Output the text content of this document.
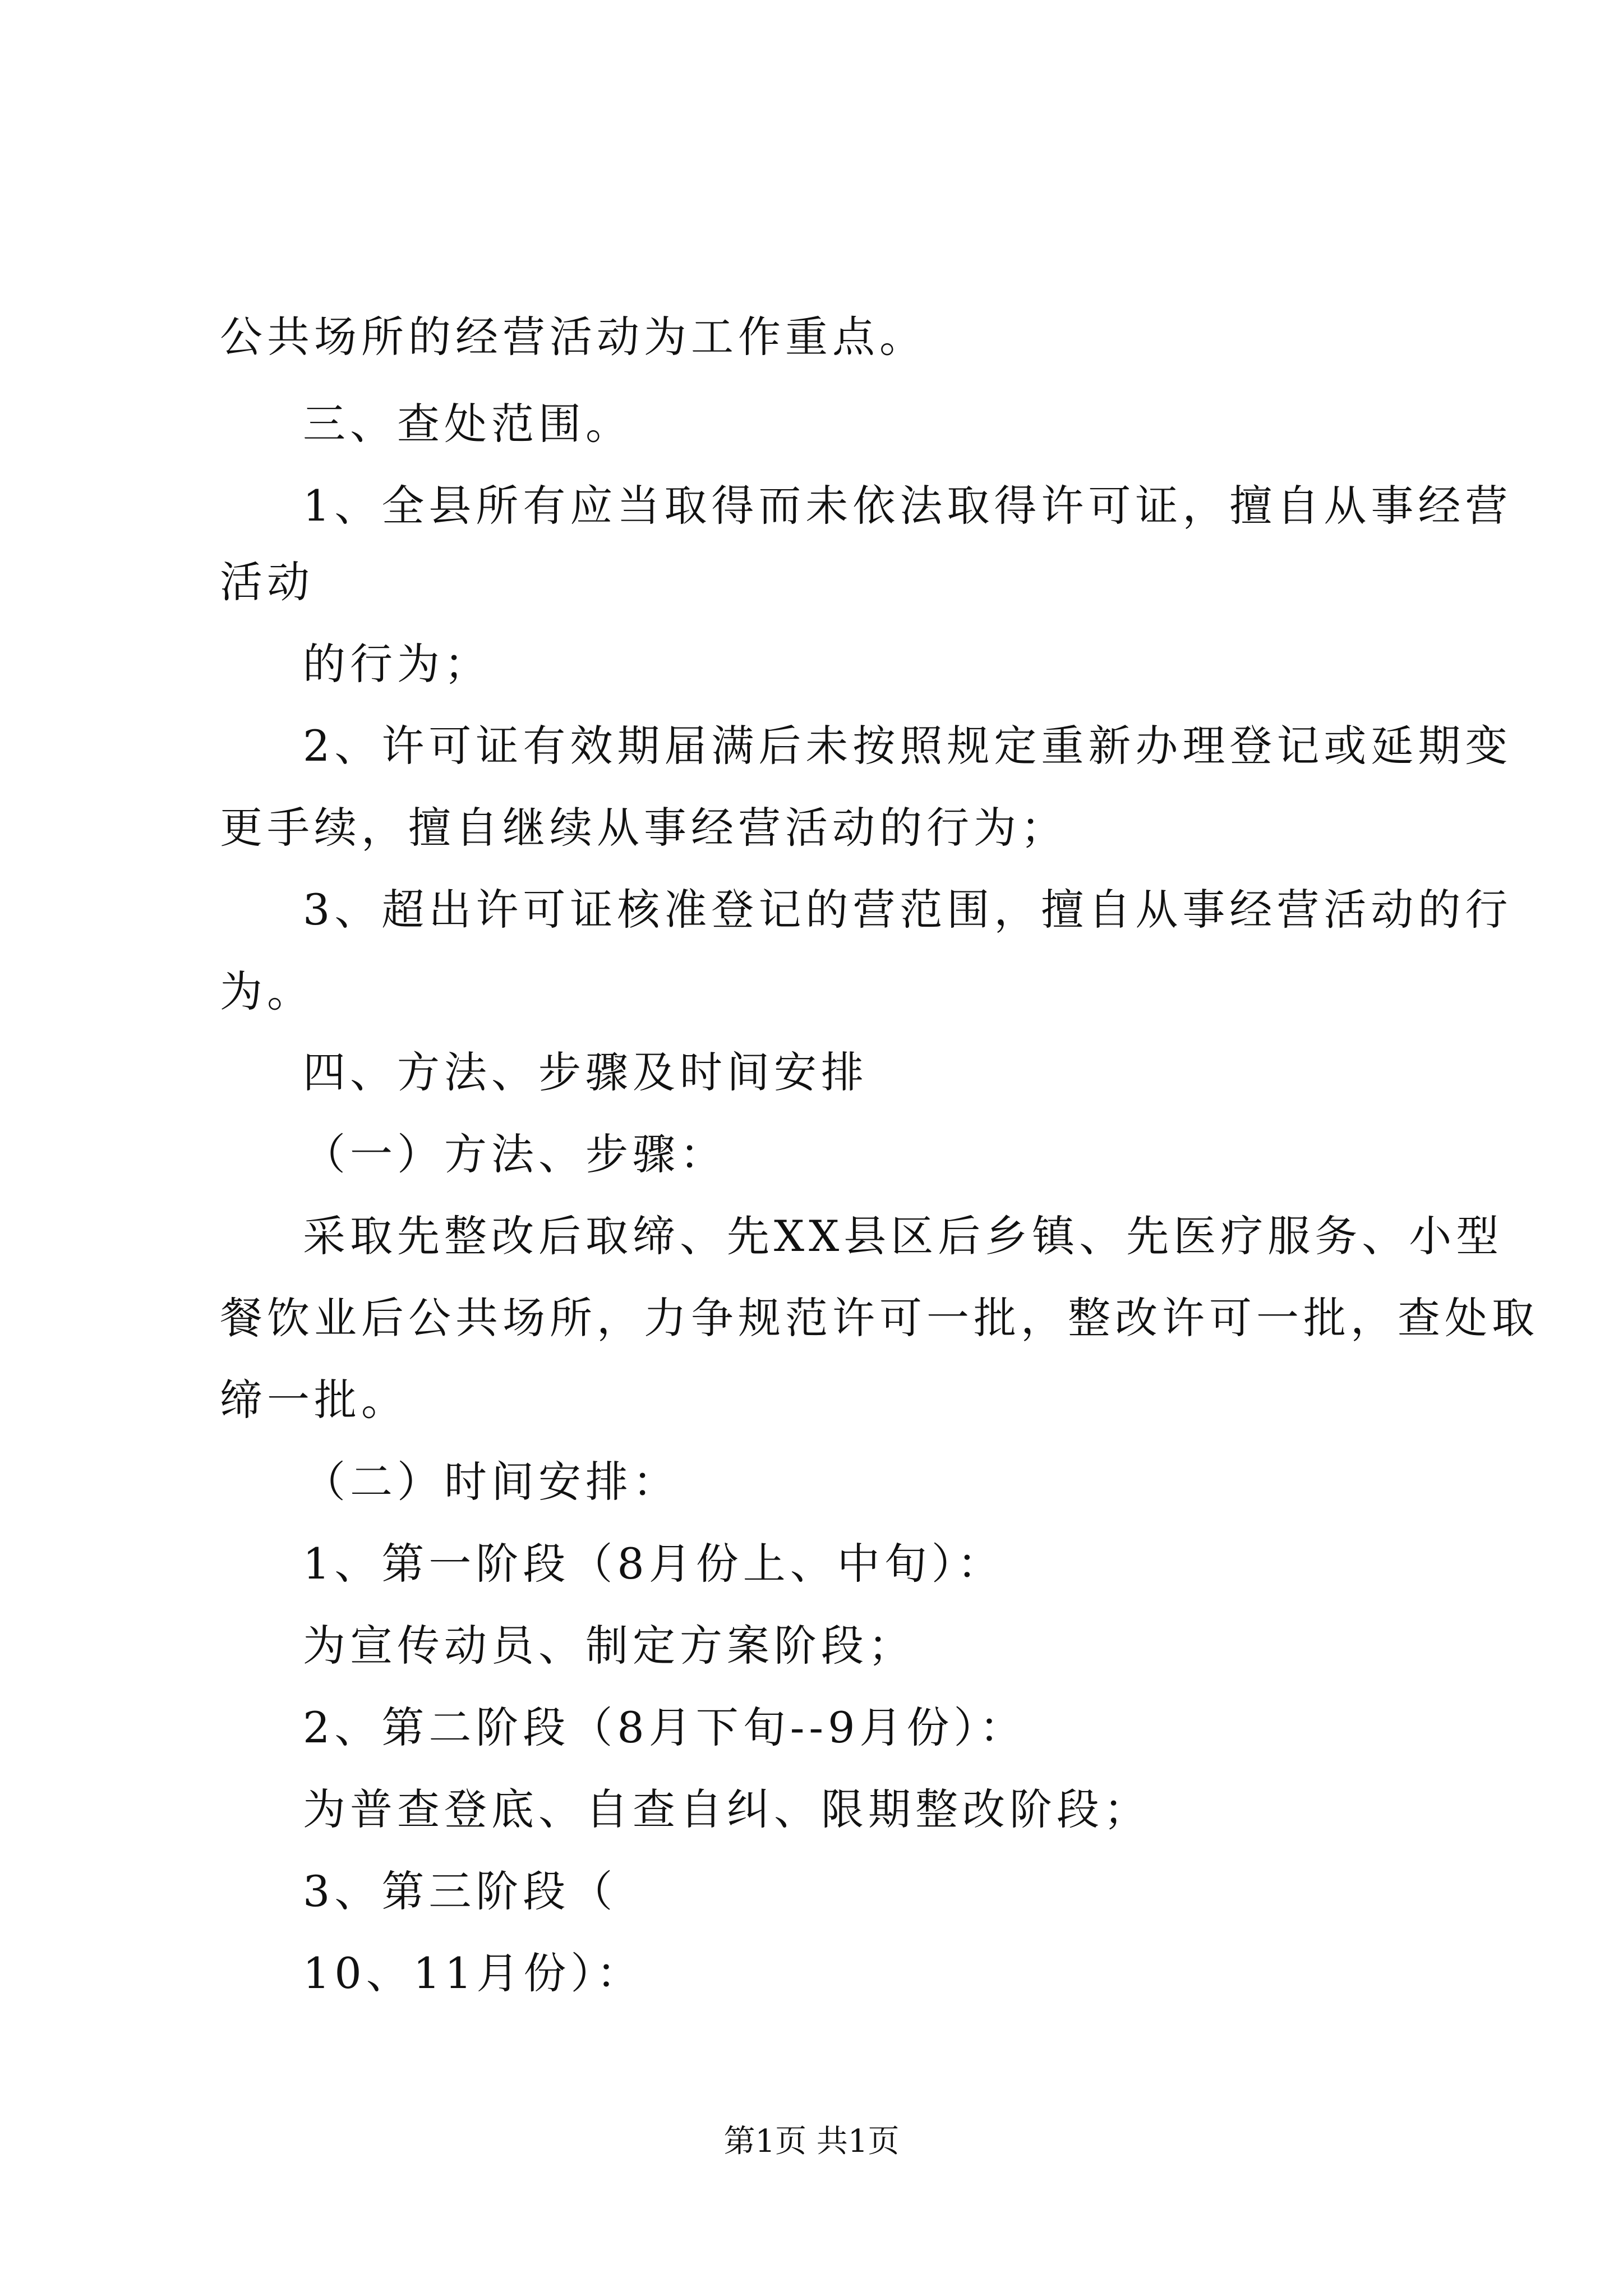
公共场所的经营活动为工作重点。
三、查处范围。
1、全县所有应当取得而未依法取得许可证，擅自从事经营
活动
的行为；
2、许可证有效期届满后未按照规定重新办理登记或延期变
更手续，擅自继续从事经营活动的行为；
3、超出许可证核准登记的营范围，擅自从事经营活动的行
为。
四、方法、步骤及时间安排
（一）方法、步骤：
采取先整改后取缔、先XX县区后乡镇、先医疗服务、小型
餐饮业后公共场所，力争规范许可一批，整改许可一批，查处取
缔一批。
（二）时间安排：
1、第一阶段（8月份上、中旬）：
为宣传动员、制定方案阶段；
2、第二阶段（8月下旬--9月份）：
为普查登底、自查自纠、限期整改阶段；
3、第三阶段（
10、11月份）：
第1页 共1页
